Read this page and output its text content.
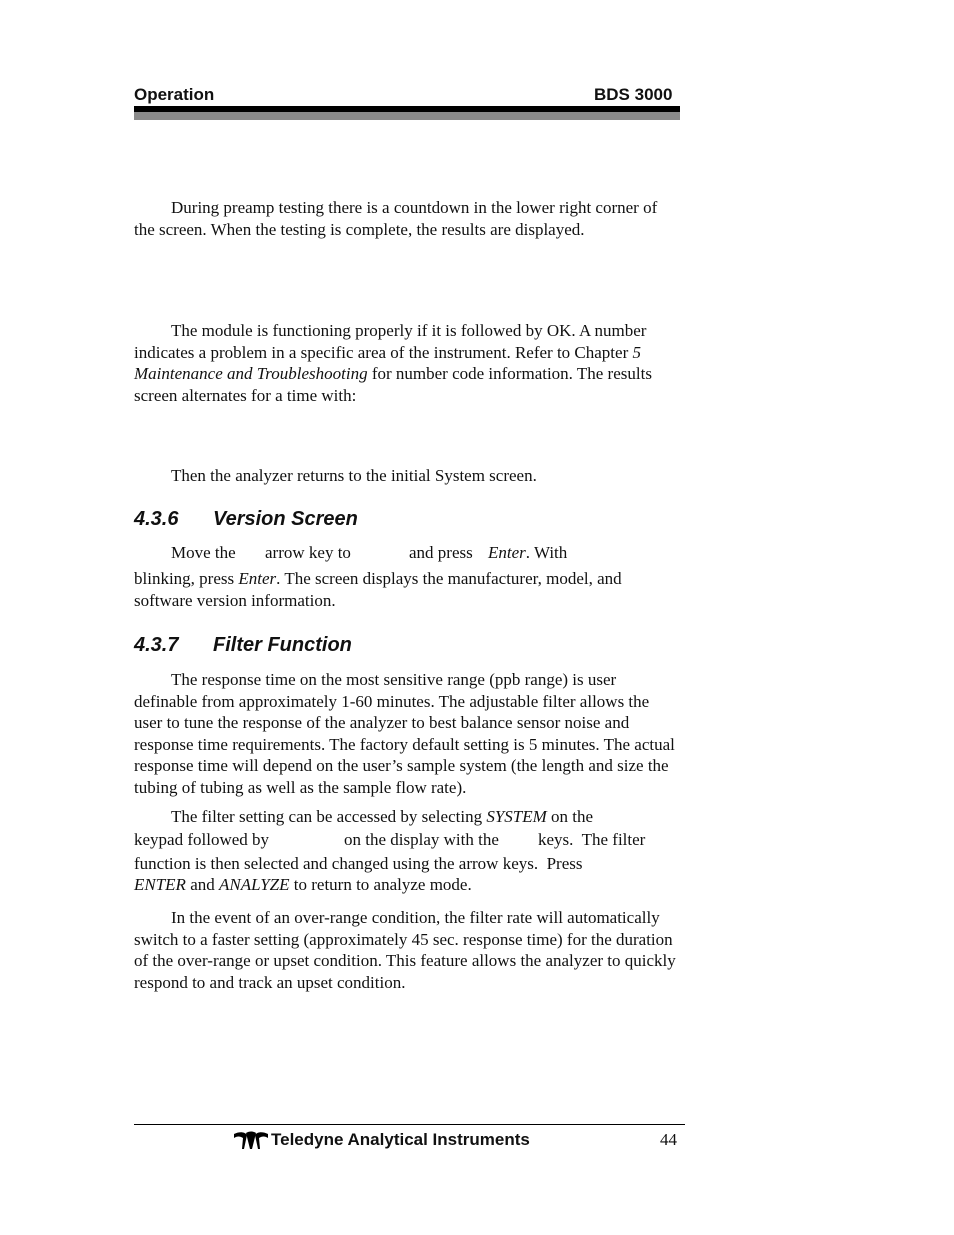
Operation	BDS 3000

During preamp testing there is a countdown in the lower right corner of the screen. When the testing is complete, the results are displayed.

The module is functioning properly if it is followed by OK. A number indicates a problem in a specific area of the instrument. Refer to Chapter 5 Maintenance and Troubleshooting for number code information. The results screen alternates for a time with:

Then the analyzer returns to the initial System screen.

4.3.6 Version Screen
Move the arrow key to	and press Enter. With

blinking, press Enter. The screen displays the manufacturer, model, and software version information.

4.3.7 Filter Function

The response time on the most sensitive range (ppb range) is user definable from approximately 1-60 minutes. The adjustable filter allows the user to tune the response of the analyzer to best balance sensor noise and response time requirements. The factory default setting is 5 minutes. The actual response time will depend on the user’s sample system (the length and size the tubing of tubing as well as the sample flow rate).

The filter setting can be accessed by selecting SYSTEM on the
keypad followed by	on the display with the keys.  The filter
function is then selected and changed using the arrow keys.  Press
ENTER and ANALYZE to return to analyze mode.

In the event of an over-range condition, the filter rate will automatically switch to a faster setting (approximately 45 sec. response time) for the duration of the over-range or upset condition. This feature allows the analyzer to quickly respond to and track an upset condition.

Teledyne Analytical Instruments	44
